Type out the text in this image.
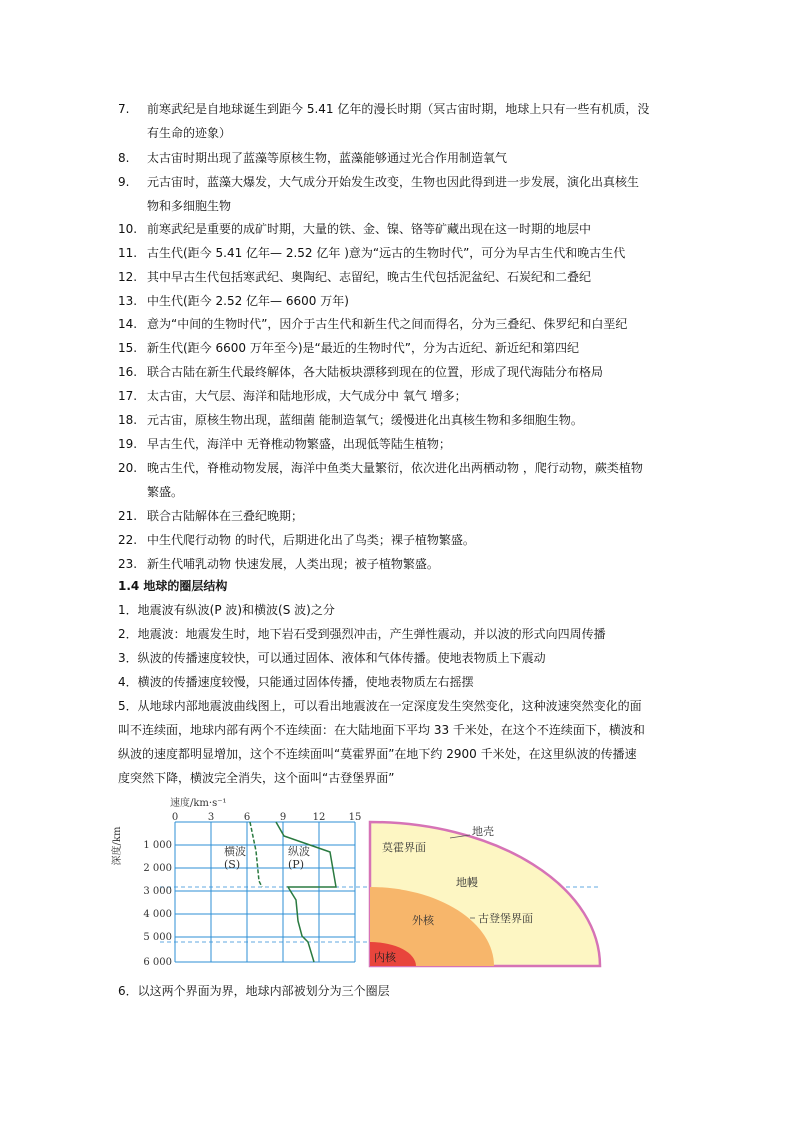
7. 前寒武纪是自地球诞生到距今 5.41 亿年的漫长时期（冥古宙时期，地球上只有一些有机质，没
有生命的迹象）
8. 太古宙时期出现了蓝藻等原核生物，蓝藻能够通过光合作用制造氧气
9. 元古宙时，蓝藻大爆发，大气成分开始发生改变，生物也因此得到进一步发展，演化出真核生
物和多细胞生物
10. 前寒武纪是重要的成矿时期，大量的铁、金、镍、铬等矿藏出现在这一时期的地层中
11. 古生代(距今 5.41 亿年— 2.52 亿年 )意为“远古的生物时代”，可分为早古生代和晚古生代
12. 其中早古生代包括寒武纪、奥陶纪、志留纪，晚古生代包括泥盆纪、石炭纪和二叠纪
13. 中生代(距今 2.52 亿年— 6600 万年)
14. 意为“中间的生物时代”，因介于古生代和新生代之间而得名，分为三叠纪、侏罗纪和白垩纪
15. 新生代(距今 6600 万年至今)是“最近的生物时代”，分为古近纪、新近纪和第四纪
16. 联合古陆在新生代最终解体，各大陆板块漂移到现在的位置，形成了现代海陆分布格局
17. 太古宙，大气层、海洋和陆地形成，大气成分中 氧气 增多；
18. 元古宙，原核生物出现，蓝细菌 能制造氧气；缓慢进化出真核生物和多细胞生物。
19. 早古生代，海洋中 无脊椎动物繁盛，出现低等陆生植物；
20. 晚古生代，脊椎动物发展，海洋中鱼类大量繁衍，依次进化出两栖动物 ，爬行动物，蕨类植物
繁盛。
21. 联合古陆解体在三叠纪晚期；
22. 中生代爬行动物 的时代，后期进化出了鸟类；裸子植物繁盛。
23. 新生代哺乳动物 快速发展，人类出现；被子植物繁盛。
1.4 地球的圈层结构
1．地震波有纵波(P 波)和横波(S 波)之分
2．地震波：地震发生时，地下岩石受到强烈冲击，产生弹性震动，并以波的形式向四周传播
3．纵波的传播速度较快，可以通过固体、液体和气体传播。使地表物质上下震动
4．横波的传播速度较慢，只能通过固体传播，使地表物质左右摇摆
5．从地球内部地震波曲线图上，可以看出地震波在一定深度发生突然变化，这种波速突然变化的面
叫不连续面，地球内部有两个不连续面：在大陆地面下平均 33 千米处，在这个不连续面下，横波和
纵波的速度都明显增加，这个不连续面叫“莫霍界面”在地下约 2900 千米处，在这里纵波的传播速
度突然下降，横波完全消失，这个面叫“古登堡界面”
速度/km·s⁻¹
0	3	6	9	12 15
1 000
2 000
3 000
4 000
5 000
6 000
深度/km	横波
(S)
纵波
(P)
地壳
莫霍界面
地幔
外核	古登堡界面
内核
6．以这两个界面为界，地球内部被划分为三个圈层
